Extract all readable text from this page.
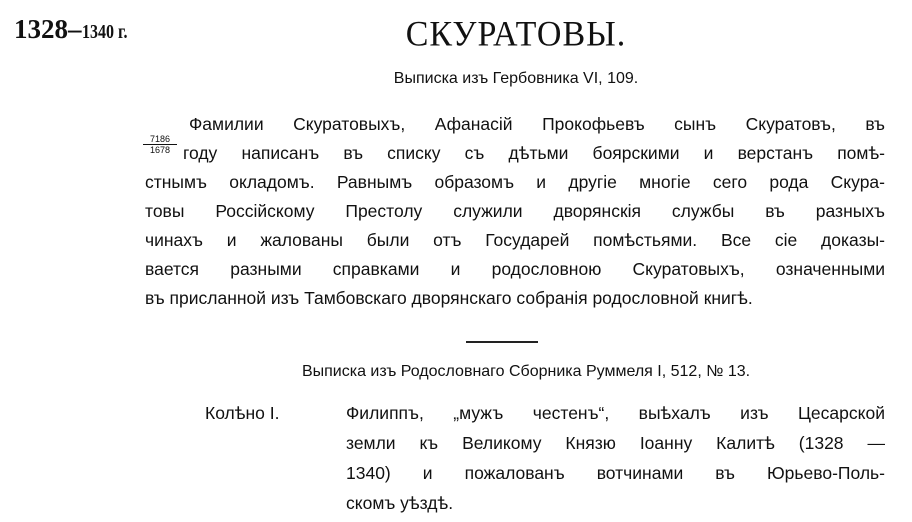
1328–1340 г.	СКУРАТОВЫ.
Выписка изъ Гербовника VI, 109.
$\frac{7186}{1678}$
Фамилии Скуратовыхъ, Афанасій Прокофьевъ сынъ Скуратовъ, въ
году написанъ въ списку съ дѣтьми боярскими и верстанъ помѣ-
стнымъ окладомъ. Равнымъ образомъ и другіе многіе сего рода Скура-
товы Россійскому Престолу служили дворянскія службы въ разныхъ
чинахъ и жалованы были отъ Государей помѣстьями. Все сіе доказы-
вается разными справками и родословною Скуратовыхъ, означенными
въ присланной изъ Тамбовскаго дворянскаго собранія родословной книгѣ.
Выписка изъ Родословнаго Сборника Руммеля I, 512, № 13.
Колѣно I.	Филиппъ, „мужъ честенъ“, выѣхалъ изъ Цесарской
земли къ Великому Князю Іоанну Калитѣ (1328 —
1340) и пожалованъ вотчинами въ Юрьево-Поль-
скомъ уѣздѣ.
